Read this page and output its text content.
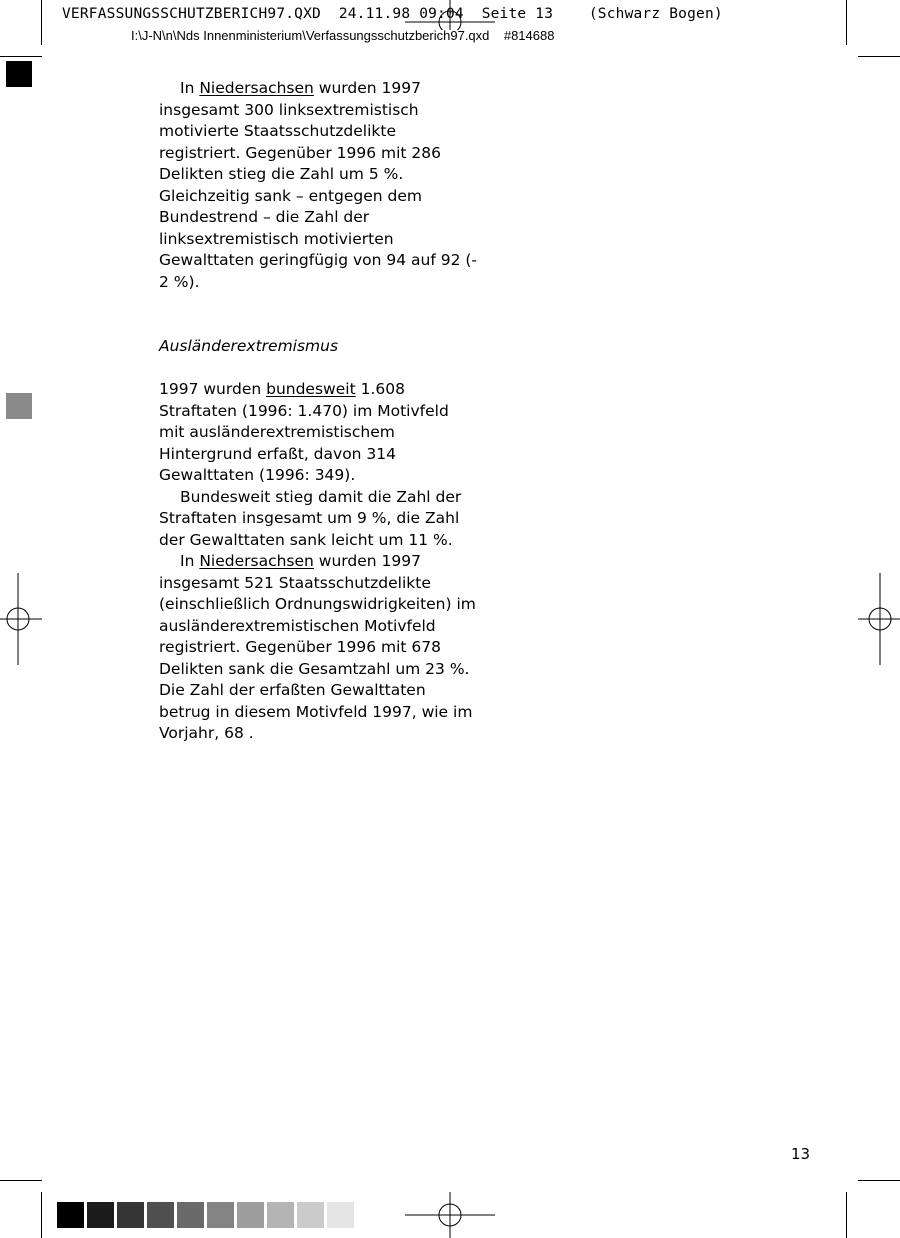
VERFASSUNGSSCHUTZBERICH97.QXD  24.11.98 09:04  Seite 13    (Schwarz Bogen)
I:\J-N\n\Nds Innenministerium\Verfassungsschutzberich97.qxd    #814688

In Niedersachsen wurden 1997 insgesamt 300 linksextremistisch motivierte Staatsschutzdelikte registriert. Gegenüber 1996 mit 286 Delikten stieg die Zahl um 5 %. Gleichzeitig sank – entgegen dem Bundestrend – die Zahl der linksextremistisch motivierten Gewalttaten geringfügig von 94 auf 92 (- 2 %).

Ausländerextremismus

1997 wurden bundesweit 1.608 Straftaten (1996: 1.470) im Motivfeld mit ausländerextremistischem Hintergrund erfaßt, davon 314 Gewalttaten (1996: 349).

Bundesweit stieg damit die Zahl der Straftaten insgesamt um 9 %, die Zahl der Gewalttaten sank leicht um 11 %.

In Niedersachsen wurden 1997 insgesamt 521 Staatsschutzdelikte (einschließlich Ordnungswidrigkeiten) im ausländerextremistischen Motivfeld registriert. Gegenüber 1996 mit 678 Delikten sank die Gesamtzahl um 23 %. Die Zahl der erfaßten Gewalttaten betrug in diesem Motivfeld 1997, wie im Vorjahr, 68 .

13
